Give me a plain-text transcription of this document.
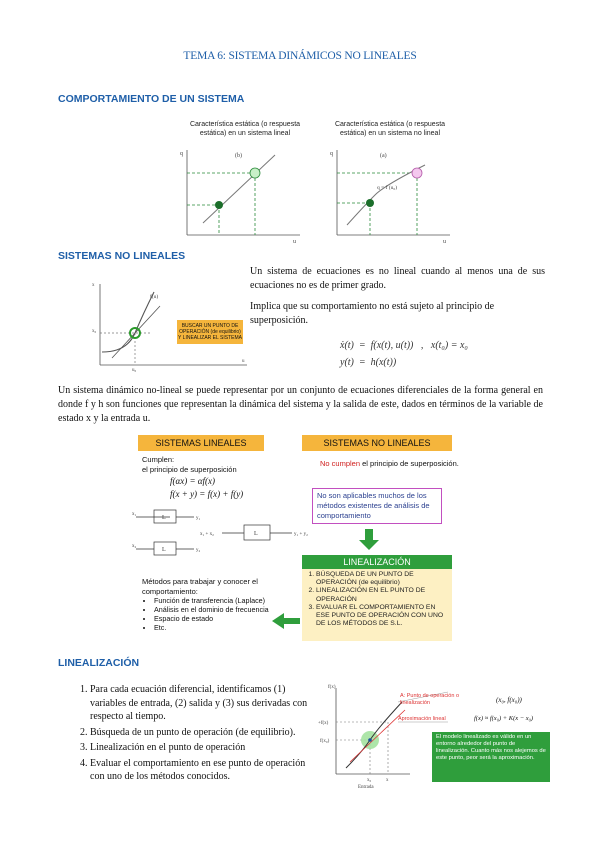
TEMA 6: SISTEMA DINÁMICOS NO LINEALES
COMPORTAMIENTO DE UN SISTEMA
Característica estática (o respuesta estática) en un sistema lineal
q
u
(b)
Característica estática (o respuesta estática) en un sistema no lineal
q
u
(a)
q = f (u₀)
SISTEMAS NO LINEALES
x
x₀
u₀
u
f(u)
BUSCAR UN PUNTO DE OPERACIÓN (de equilibrio) Y LINEALIZAR EL SISTEMA
Un sistema de ecuaciones es no lineal cuando al menos una de sus ecuaciones no es de primer grado.
Implica que su comportamiento no está sujeto al principio de superposición.
ẋ(t)  =  f(x(t), u(t))   ,   x(t₀) = x₀
y(t)  =  h(x(t))
Un sistema dinámico no-lineal se puede representar por un conjunto de ecuaciones diferenciales de la forma general en donde f y h son funciones que representan la dinámica del sistema y la salida de este, dados en términos de la variable de estado x y la entrada u.
SISTEMAS LINEALES	SISTEMAS NO LINEALES
Cumplen:
el principio de superposición
f(αx) = αf(x)
f(x + y) = f(x) + f(y)
No cumplen el principio de superposición.
No son aplicables muchos de los métodos existentes de análisis de comportamiento
x₁
y₁
x₂
y₂
L
L
L
x₁ + x₂	y₁ + y₂
LINEALIZACIÓN
1. BÚSQUEDA DE UN PUNTO DE OPERACIÓN (de equilibrio)
2. LINEALIZACIÓN EN EL PUNTO DE OPERACIÓN
3. EVALUAR EL COMPORTAMIENTO EN ESE PUNTO DE OPERACIÓN CON UNO DE LOS MÉTODOS DE S.L.
Métodos para trabajar y conocer el comportamiento:
• Función de transferencia (Laplace)
• Análisis en el dominio de frecuencia
• Espacio de estado
• Etc.
LINEALIZACIÓN
1. Para cada ecuación diferencial, identificamos (1) variables de entrada, (2) salida y (3) sus derivadas con respecto al tiempo.
2. Búsqueda de un punto de operación (de equilibrio).
3. Linealización en el punto de operación
4. Evaluar el comportamiento en ese punto de operación con uno de los métodos conocidos.
f(x)
+f(x)
f(x₀)
x₀	x
Entrada
A: Punto de operación o linealización	(x₀, f(x₀))
Aproximación lineal	f(x) ≈ f(x₀) + K(x − x₀)
El modelo linealizado es válido en un entorno alrededor del punto de linealización. Cuanto más nos alejemos de este punto, peor será la aproximación.
